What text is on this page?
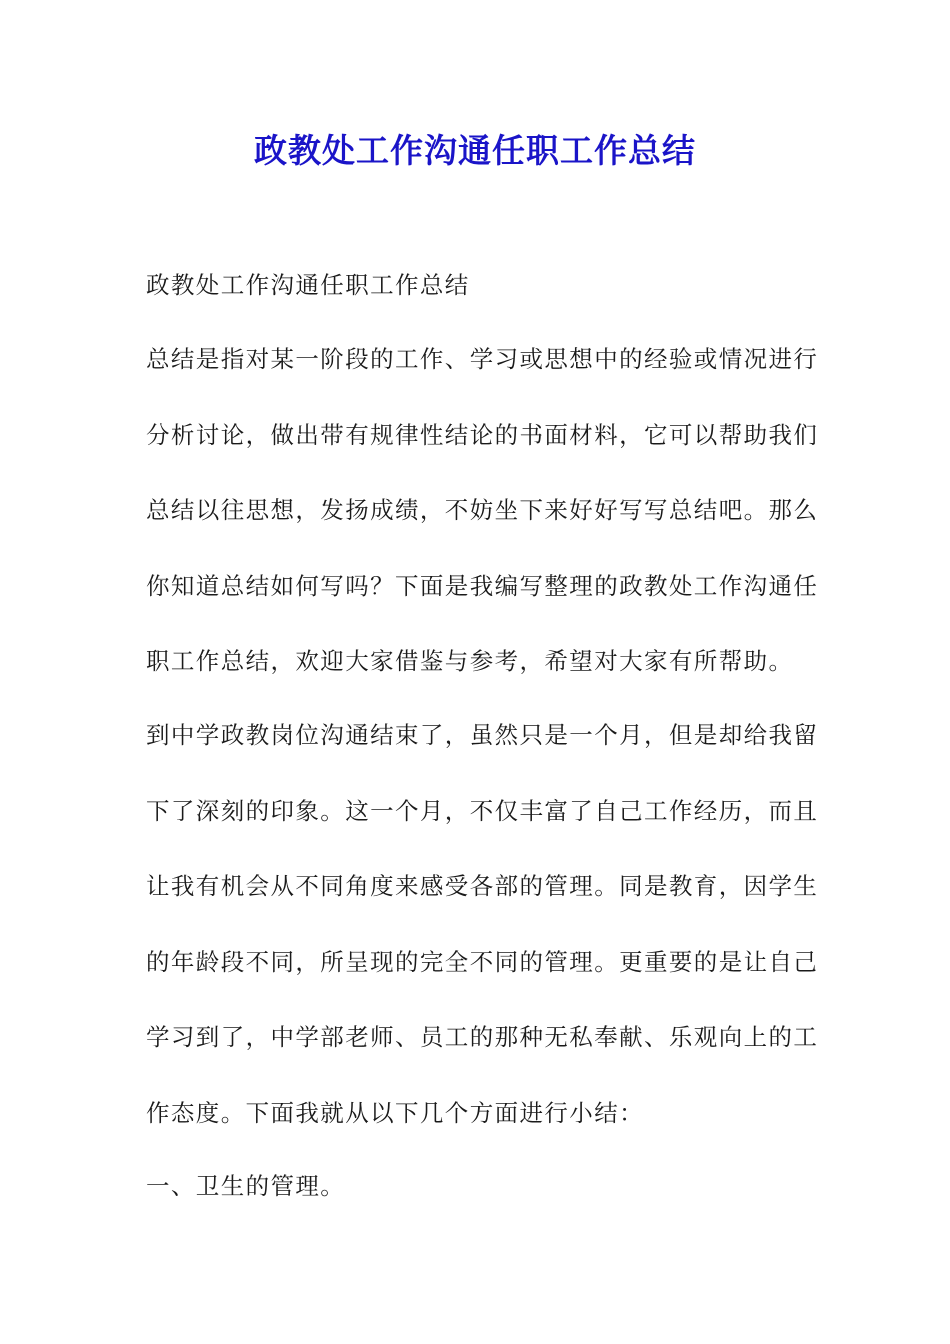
政教处工作沟通任职工作总结
政教处工作沟通任职工作总结
总结是指对某一阶段的工作、学习或思想中的经验或情况进行
分析讨论，做出带有规律性结论的书面材料，它可以帮助我们
总结以往思想，发扬成绩，不妨坐下来好好写写总结吧。那么
你知道总结如何写吗？下面是我编写整理的政教处工作沟通任
职工作总结，欢迎大家借鉴与参考，希望对大家有所帮助。
到中学政教岗位沟通结束了，虽然只是一个月，但是却给我留
下了深刻的印象。这一个月，不仅丰富了自己工作经历，而且
让我有机会从不同角度来感受各部的管理。同是教育，因学生
的年龄段不同，所呈现的完全不同的管理。更重要的是让自己
学习到了，中学部老师、员工的那种无私奉献、乐观向上的工
作态度。下面我就从以下几个方面进行小结：
一、卫生的管理。
